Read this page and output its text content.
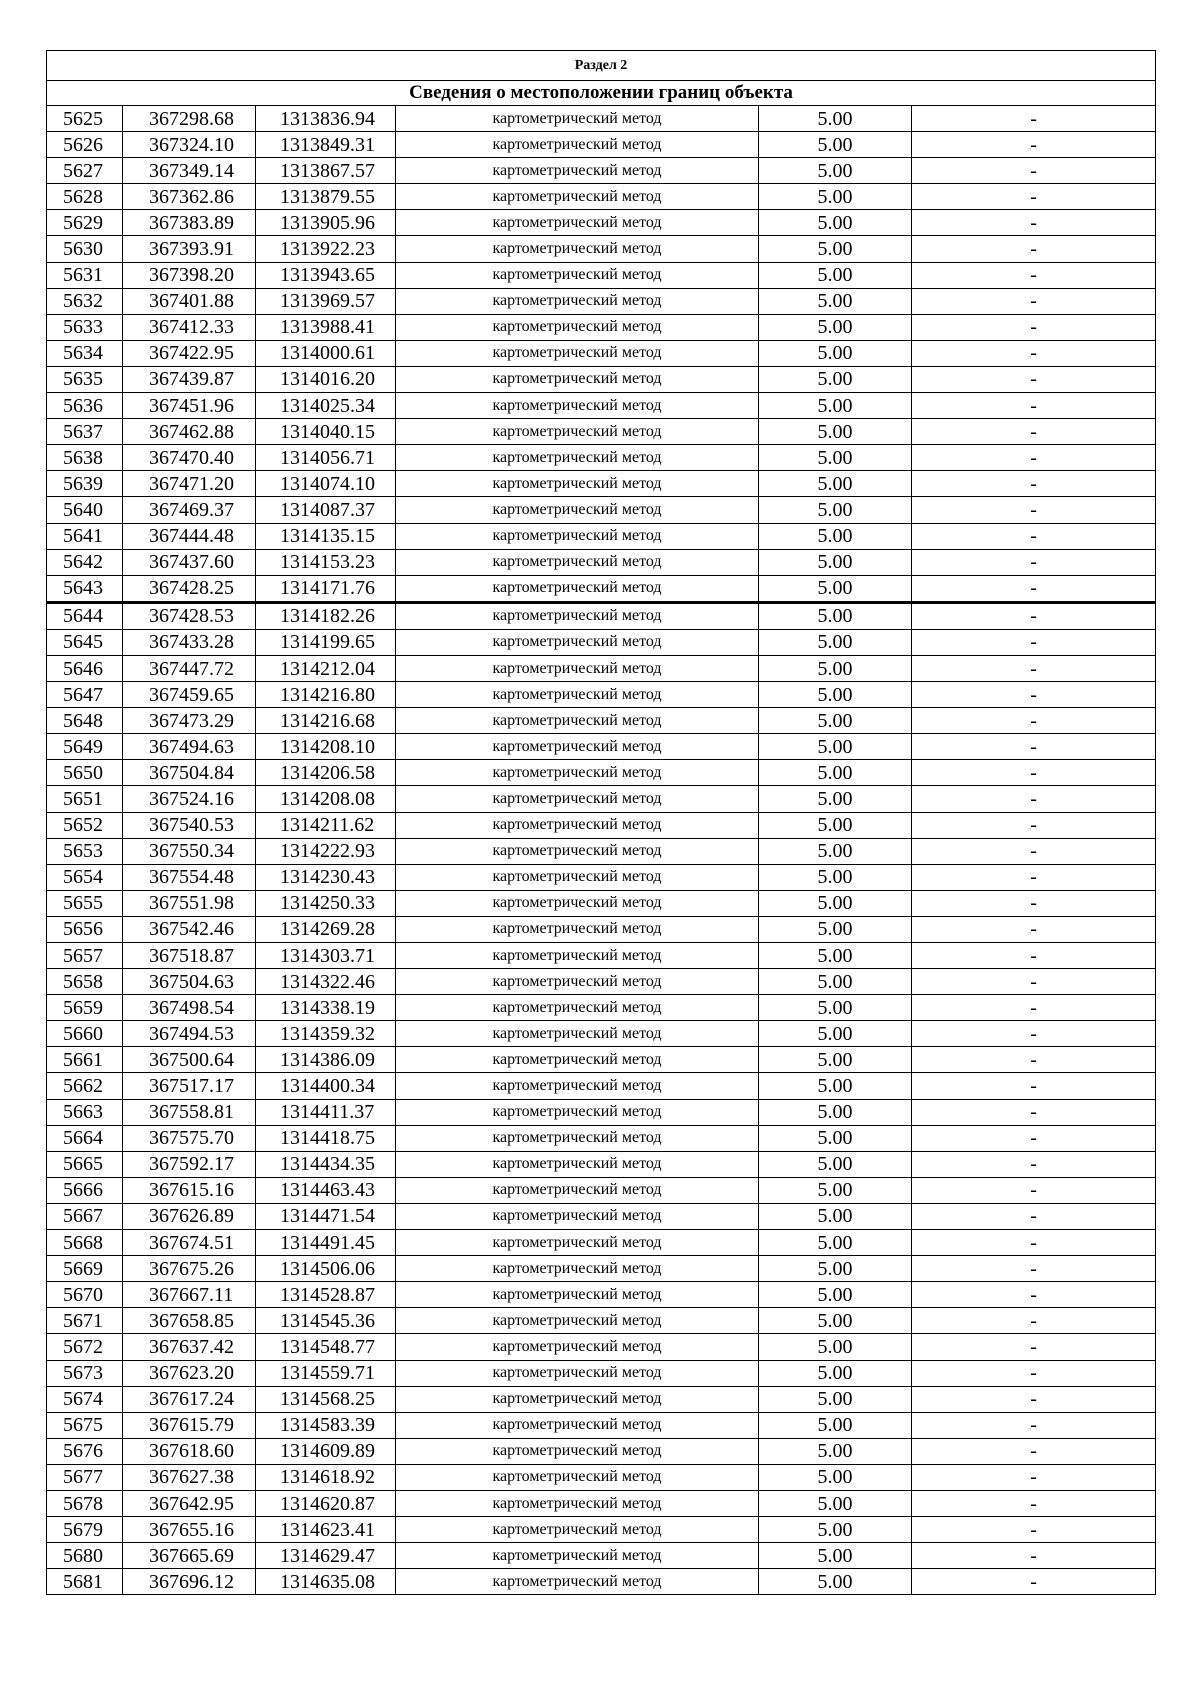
Раздел 2					
Сведения о местоположении границ объекта					
5625	367298.68	1313836.94	картометрический метод	5.00	-
5626	367324.10	1313849.31	картометрический метод	5.00	-
5627	367349.14	1313867.57	картометрический метод	5.00	-
5628	367362.86	1313879.55	картометрический метод	5.00	-
5629	367383.89	1313905.96	картометрический метод	5.00	-
5630	367393.91	1313922.23	картометрический метод	5.00	-
5631	367398.20	1313943.65	картометрический метод	5.00	-
5632	367401.88	1313969.57	картометрический метод	5.00	-
5633	367412.33	1313988.41	картометрический метод	5.00	-
5634	367422.95	1314000.61	картометрический метод	5.00	-
5635	367439.87	1314016.20	картометрический метод	5.00	-
5636	367451.96	1314025.34	картометрический метод	5.00	-
5637	367462.88	1314040.15	картометрический метод	5.00	-
5638	367470.40	1314056.71	картометрический метод	5.00	-
5639	367471.20	1314074.10	картометрический метод	5.00	-
5640	367469.37	1314087.37	картометрический метод	5.00	-
5641	367444.48	1314135.15	картометрический метод	5.00	-
5642	367437.60	1314153.23	картометрический метод	5.00	-
5643	367428.25	1314171.76	картометрический метод	5.00	-
5644	367428.53	1314182.26	картометрический метод	5.00	-
5645	367433.28	1314199.65	картометрический метод	5.00	-
5646	367447.72	1314212.04	картометрический метод	5.00	-
5647	367459.65	1314216.80	картометрический метод	5.00	-
5648	367473.29	1314216.68	картометрический метод	5.00	-
5649	367494.63	1314208.10	картометрический метод	5.00	-
5650	367504.84	1314206.58	картометрический метод	5.00	-
5651	367524.16	1314208.08	картометрический метод	5.00	-
5652	367540.53	1314211.62	картометрический метод	5.00	-
5653	367550.34	1314222.93	картометрический метод	5.00	-
5654	367554.48	1314230.43	картометрический метод	5.00	-
5655	367551.98	1314250.33	картометрический метод	5.00	-
5656	367542.46	1314269.28	картометрический метод	5.00	-
5657	367518.87	1314303.71	картометрический метод	5.00	-
5658	367504.63	1314322.46	картометрический метод	5.00	-
5659	367498.54	1314338.19	картометрический метод	5.00	-
5660	367494.53	1314359.32	картометрический метод	5.00	-
5661	367500.64	1314386.09	картометрический метод	5.00	-
5662	367517.17	1314400.34	картометрический метод	5.00	-
5663	367558.81	1314411.37	картометрический метод	5.00	-
5664	367575.70	1314418.75	картометрический метод	5.00	-
5665	367592.17	1314434.35	картометрический метод	5.00	-
5666	367615.16	1314463.43	картометрический метод	5.00	-
5667	367626.89	1314471.54	картометрический метод	5.00	-
5668	367674.51	1314491.45	картометрический метод	5.00	-
5669	367675.26	1314506.06	картометрический метод	5.00	-
5670	367667.11	1314528.87	картометрический метод	5.00	-
5671	367658.85	1314545.36	картометрический метод	5.00	-
5672	367637.42	1314548.77	картометрический метод	5.00	-
5673	367623.20	1314559.71	картометрический метод	5.00	-
5674	367617.24	1314568.25	картометрический метод	5.00	-
5675	367615.79	1314583.39	картометрический метод	5.00	-
5676	367618.60	1314609.89	картометрический метод	5.00	-
5677	367627.38	1314618.92	картометрический метод	5.00	-
5678	367642.95	1314620.87	картометрический метод	5.00	-
5679	367655.16	1314623.41	картометрический метод	5.00	-
5680	367665.69	1314629.47	картометрический метод	5.00	-
5681	367696.12	1314635.08	картометрический метод	5.00	-
